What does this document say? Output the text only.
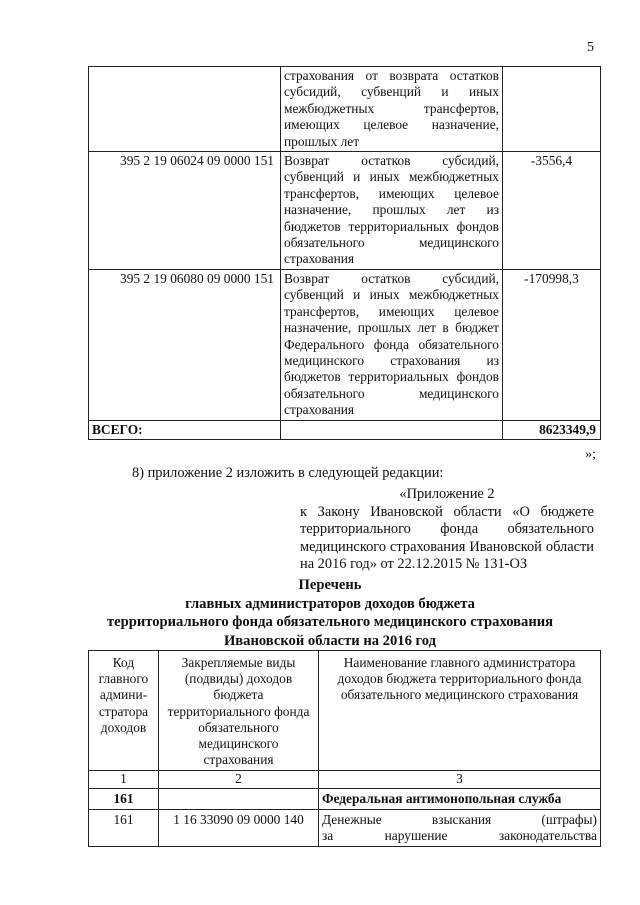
5
	страхования от возврата остатков субсидий, субвенций и иных межбюджетных трансфертов, имеющих целевое назначение, прошлых лет	
395 2 19 06024 09 0000 151	Возврат остатков субсидий, субвенций и иных межбюджетных трансфертов, имеющих целевое назначение, прошлых лет из бюджетов территориальных фондов обязательного медицинского страхования	-3556,4
395 2 19 06080 09 0000 151	Возврат остатков субсидий, субвенций и иных межбюджетных трансфертов, имеющих целевое назначение, прошлых лет в бюджет Федерального фонда обязательного медицинского страхования из бюджетов территориальных фондов обязательного медицинского страхования	-170998,3
ВСЕГО:		8623349,9
»;
8) приложение 2 изложить в следующей редакции:
«Приложение 2
к Закону Ивановской области «О бюджете территориального фонда обязательного медицинского страхования Ивановской области на 2016 год» от 22.12.2015 № 131-ОЗ
Перечень
главных администраторов доходов бюджета
территориального фонда обязательного медицинского страхования
Ивановской области на 2016 год
Код главного админи-стратора доходов	Закрепляемые виды (подвиды) доходов бюджета территориального фонда обязательного медицинского страхования	Наименование главного администратора доходов бюджета территориального фонда обязательного медицинского страхования
1	2	3
161		Федеральная антимонопольная служба
161	1 16 33090 09 0000 140	Денежные взыскания (штрафы)
за нарушение законодательства
